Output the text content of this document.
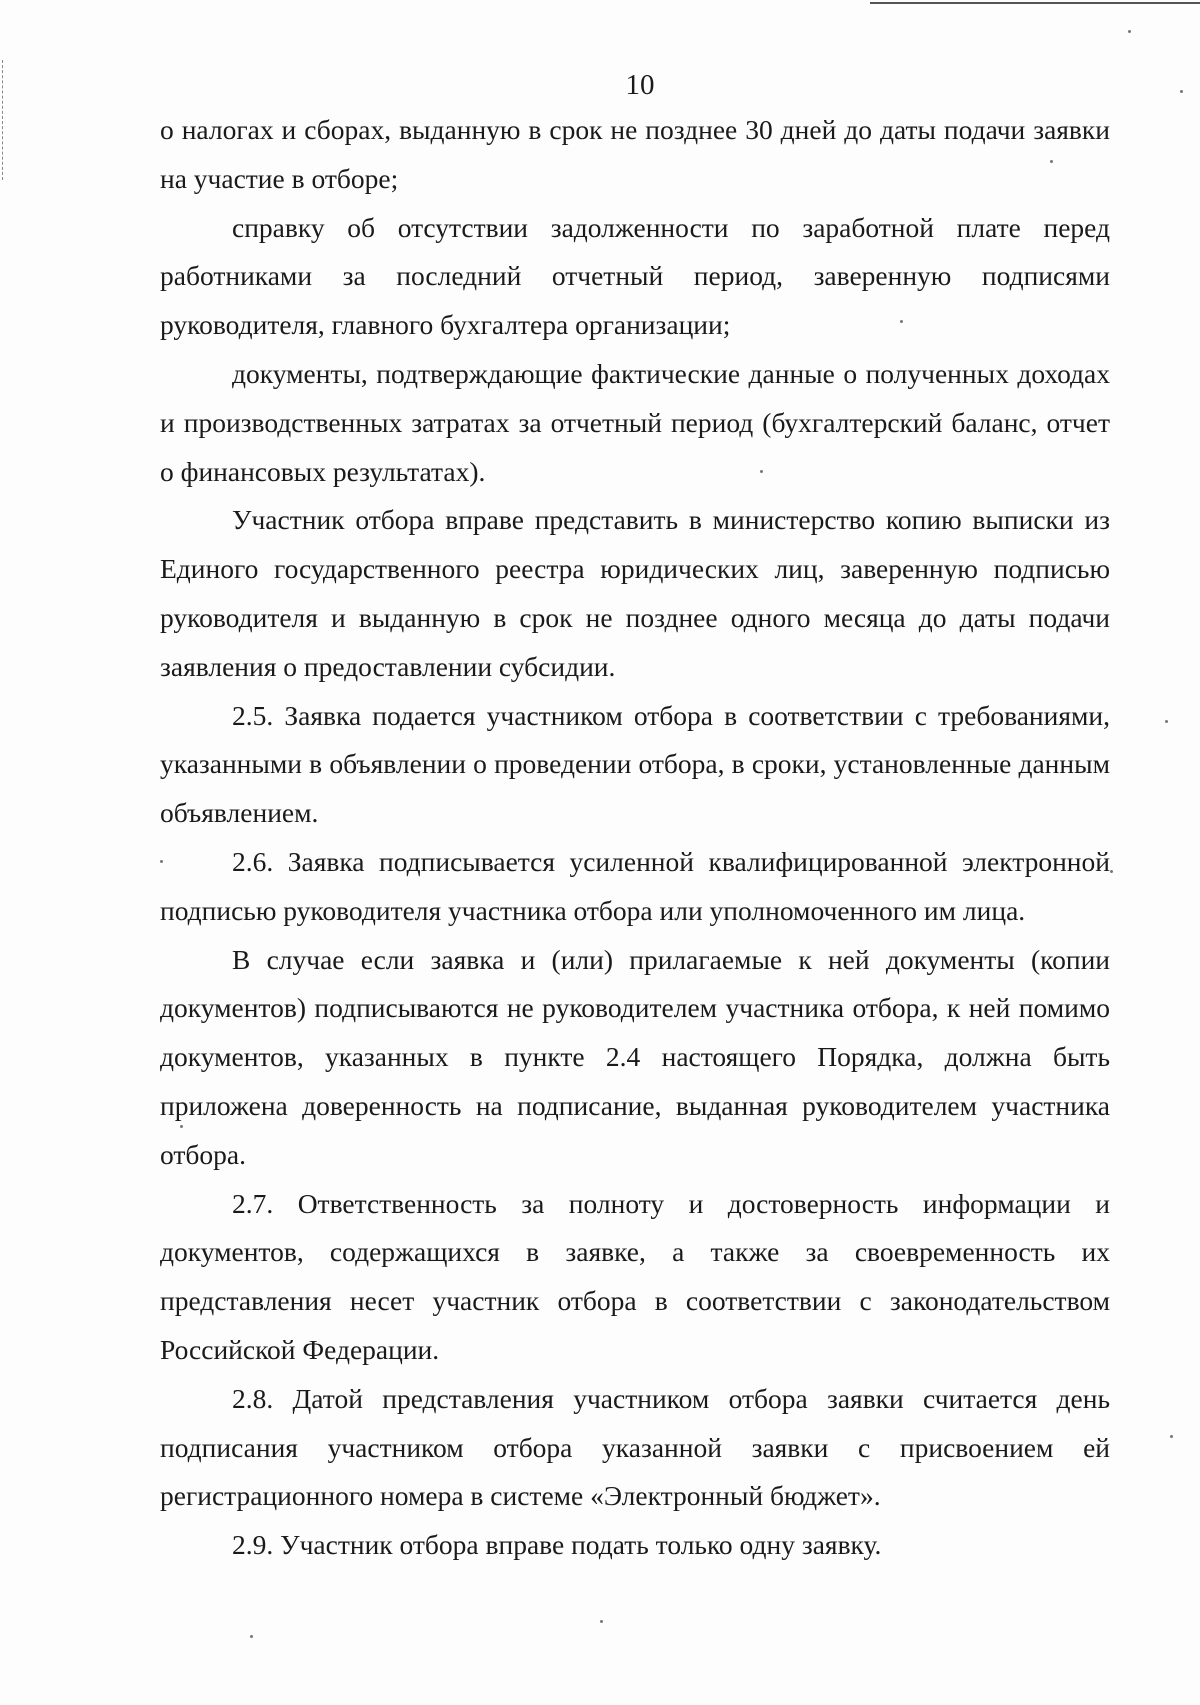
10

о налогах и сборах, выданную в срок не позднее 30 дней до даты подачи заявки на участие в отборе;

справку об отсутствии задолженности по заработной плате перед работниками за последний отчетный период, заверенную подписями руководителя, главного бухгалтера организации;

документы, подтверждающие фактические данные о полученных доходах и производственных затратах за отчетный период (бухгалтерский баланс, отчет о финансовых результатах).

Участник отбора вправе представить в министерство копию выписки из Единого государственного реестра юридических лиц, заверенную подписью руководителя и выданную в срок не позднее одного месяца до даты подачи заявления о предоставлении субсидии.

2.5. Заявка подается участником отбора в соответствии с требованиями, указанными в объявлении о проведении отбора, в сроки, установленные данным объявлением.

2.6. Заявка подписывается усиленной квалифицированной электронной подписью руководителя участника отбора или уполномоченного им лица.

В случае если заявка и (или) прилагаемые к ней документы (копии документов) подписываются не руководителем участника отбора, к ней помимо документов, указанных в пункте 2.4 настоящего Порядка, должна быть приложена доверенность на подписание, выданная руководителем участника отбора.

2.7. Ответственность за полноту и достоверность информации и документов, содержащихся в заявке, а также за своевременность их представления несет участник отбора в соответствии с законодательством Российской Федерации.

2.8. Датой представления участником отбора заявки считается день подписания участником отбора указанной заявки с присвоением ей регистрационного номера в системе «Электронный бюджет».

2.9. Участник отбора вправе подать только одну заявку.
